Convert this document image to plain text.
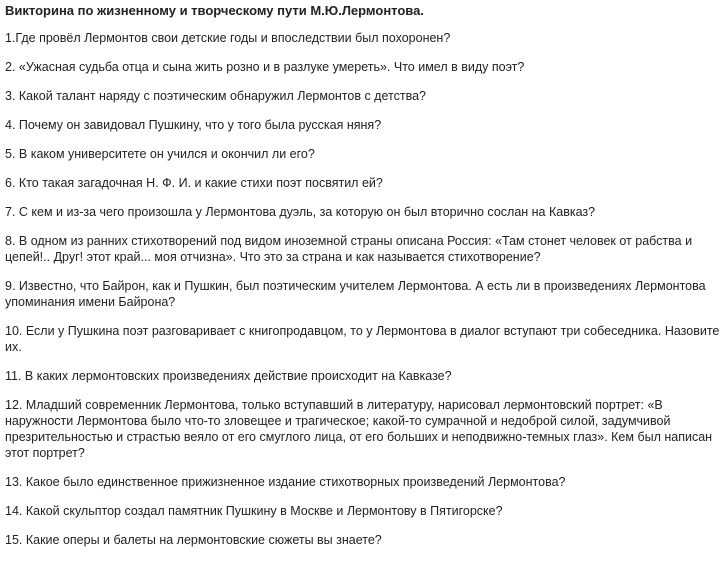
Викторина по жизненному и творческому пути М.Ю.Лермонтова.
1.Где провёл Лермонтов свои детские годы и впоследствии был похоронен?
2. «Ужасная судьба отца и сына жить розно и в разлуке умереть». Что имел в виду поэт?
3. Какой талант наряду с поэтическим обнаружил Лермонтов с детства?
4. Почему он завидовал Пушкину, что у того была русская няня?
5. В каком университете он учился и окончил ли его?
6. Кто такая загадочная Н. Ф. И. и какие стихи поэт посвятил ей?
7. С кем и из-за чего произошла у Лермонтова дуэль, за которую он был вторично сослан на Кавказ?
8. В одном из ранних стихотворений под видом иноземной страны описана Россия: «Там стонет человек от рабства и цепей!.. Друг! этот край... моя отчизна». Что это за страна и как называется стихотворение?
9. Известно, что Байрон, как и Пушкин, был поэтическим учителем Лермонтова. А есть ли в произведениях Лермонтова упоминания имени Байрона?
10. Если у Пушкина поэт разговаривает с книгопродавцом, то у Лермонтова в диалог вступают три собеседника. Назовите их.
11. В каких лермонтовских произведениях действие происходит на Кавказе?
12. Младший современник Лермонтова, только вступавший в литературу, нарисовал лермонтовский портрет: «В наружности Лермонтова было что-то зловещее и трагическое; какой-то сумрачной и недоброй силой, задумчивой презрительностью и страстью веяло от его смуглого лица, от его больших и неподвижно-темных глаз». Кем был написан этот портрет?
13. Какое было единственное прижизненное издание стихотворных произведений Лермонтова?
14. Какой скульптор создал памятник Пушкину в Москве и Лермонтову в Пятигорске?
15. Какие оперы и балеты на лермонтовские сюжеты вы знаете?
